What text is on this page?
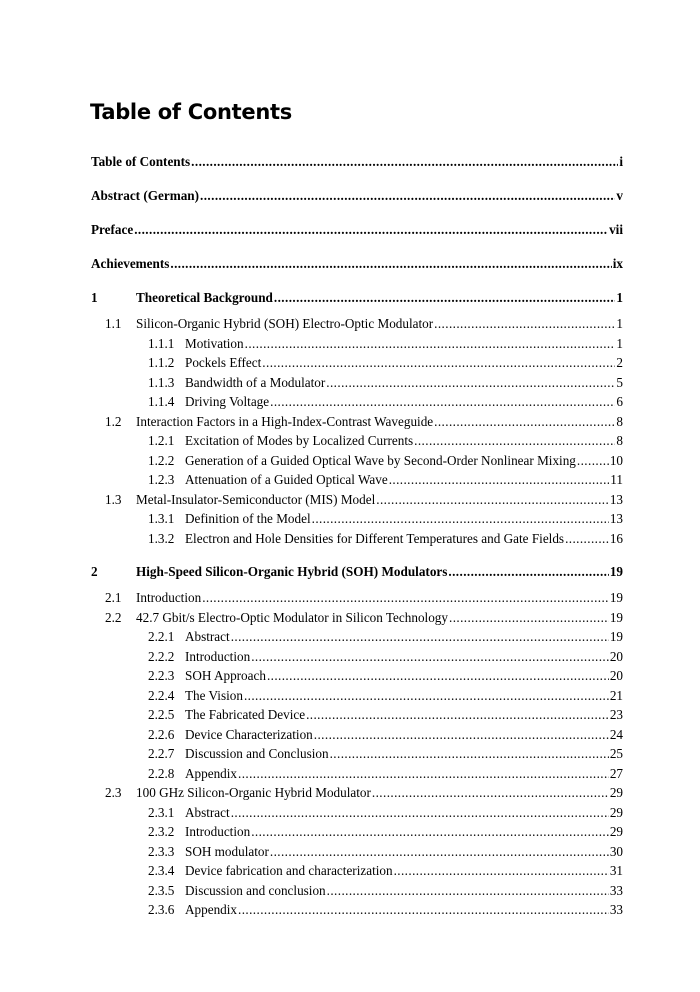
Table of Contents
Table of Contents .....	i
Abstract (German) .....	v
Preface .....	vii
Achievements .....	ix
1	Theoretical Background .....	1
1.1	Silicon-Organic Hybrid (SOH) Electro-Optic Modulator .....	1
1.1.1 Motivation .....	1
1.1.2 Pockels Effect .....	2
1.1.3 Bandwidth of a Modulator .....	5
1.1.4 Driving Voltage .....	6
1.2	Interaction Factors in a High-Index-Contrast Waveguide .....	8
1.2.1 Excitation of Modes by Localized Currents .....	8
1.2.2 Generation of a Guided Optical Wave by Second-Order Nonlinear Mixing .....	10
1.2.3 Attenuation of a Guided Optical Wave .....	11
1.3	Metal-Insulator-Semiconductor (MIS) Model .....	13
1.3.1 Definition of the Model .....	13
1.3.2 Electron and Hole Densities for Different Temperatures and Gate Fields .....	16
2	High-Speed Silicon-Organic Hybrid (SOH) Modulators .....	19
2.1	Introduction .....	19
2.2	42.7 Gbit/s Electro-Optic Modulator in Silicon Technology .....	19
2.2.1 Abstract .....	19
2.2.2 Introduction .....	20
2.2.3 SOH Approach .....	20
2.2.4 The Vision .....	21
2.2.5 The Fabricated Device .....	23
2.2.6 Device Characterization .....	24
2.2.7 Discussion and Conclusion .....	25
2.2.8 Appendix .....	27
2.3	100 GHz Silicon-Organic Hybrid Modulator .....	29
2.3.1 Abstract .....	29
2.3.2 Introduction .....	29
2.3.3 SOH modulator .....	30
2.3.4 Device fabrication and characterization .....	31
2.3.5 Discussion and conclusion .....	33
2.3.6 Appendix .....	33
